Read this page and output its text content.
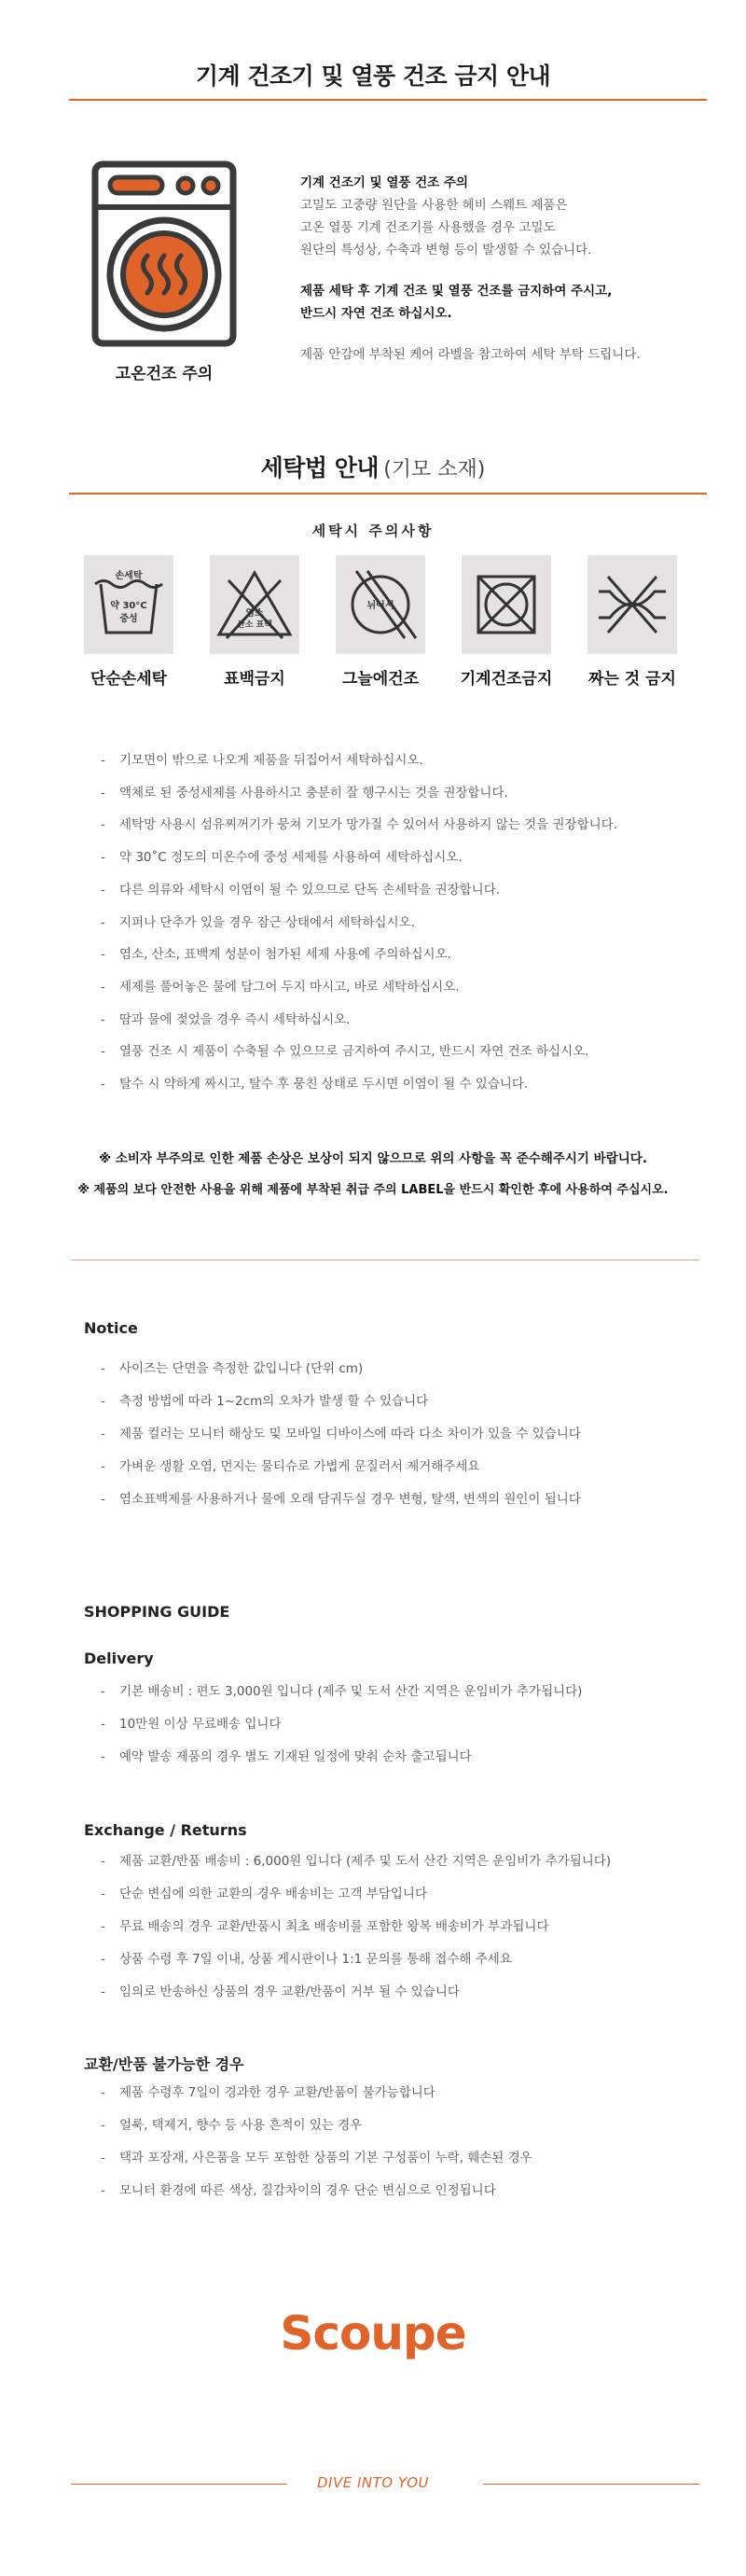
기계 건조기 및 열풍 건조 금지 안내
고온건조 주의
기계 건조기 및 열풍 건조 주의
고밀도 고중량 원단을 사용한 헤비 스웨트 제품은
고온 열풍 기계 건조기를 사용했을 경우 고밀도
원단의 특성상, 수축과 변형 등이 발생할 수 있습니다.
제품 세탁 후 기계 건조 및 열풍 건조를 금지하여 주시고,
반드시 자연 건조 하십시오.
제품 안감에 부착된 케어 라벨을 참고하여 세탁 부탁 드립니다.
세탁법 안내 (기모 소재)
세탁시 주의사항
손세탁
약 30°C
중성
단순손세탁
염소
산소 표백
표백금지
뉘어서
그늘에건조	기계건조금지 짜는 것 금지
- 기모면이 밖으로 나오게 제품을 뒤집어서 세탁하십시오.
- 액체로 된 중성세제를 사용하시고 충분히 잘 헹구시는 것을 권장합니다.
- 세탁망 사용시 섬유찌꺼기가 뭉쳐 기모가 망가질 수 있어서 사용하지 않는 것을 권장합니다.
- 약 30˚C 정도의 미온수에 중성 세제를 사용하여 세탁하십시오.
- 다른 의류와 세탁시 이염이 될 수 있으므로 단독 손세탁을 권장합니다.
- 지퍼나 단추가 있을 경우 잠근 상태에서 세탁하십시오.
- 염소, 산소, 표백계 성분이 첨가된 세제 사용에 주의하십시오.
- 세제를 풀어놓은 물에 담그어 두지 마시고, 바로 세탁하십시오.
- 땀과 물에 젖었을 경우 즉시 세탁하십시오.
- 열풍 건조 시 제품이 수축될 수 있으므로 금지하여 주시고, 반드시 자연 건조 하십시오.
- 탈수 시 약하게 짜시고, 탈수 후 뭉친 상태로 두시면 이염이 될 수 있습니다.
※ 소비자 부주의로 인한 제품 손상은 보상이 되지 않으므로 위의 사항을 꼭 준수해주시기 바랍니다.
※ 제품의 보다 안전한 사용을 위해 제품에 부착된 취급 주의 LABEL을 반드시 확인한 후에 사용하여 주십시오.
Notice
- 사이즈는 단면을 측정한 값입니다 (단위 cm)
- 측정 방법에 따라 1~2cm의 오차가 발생 할 수 있습니다
- 제품 컬러는 모니터 해상도 및 모바일 디바이스에 따라 다소 차이가 있을 수 있습니다
- 가벼운 생활 오염, 먼지는 물티슈로 가볍게 문질러서 제거해주세요
- 염소표백제를 사용하거나 물에 오래 담궈두실 경우 변형, 탈색, 변색의 원인이 됩니다
SHOPPING GUIDE
Delivery
- 기본 배송비 : 편도 3,000원 입니다 (제주 및 도서 산간 지역은 운임비가 추가됩니다)
- 10만원 이상 무료배송 입니다
- 예약 발송 제품의 경우 별도 기재된 일정에 맞춰 순차 출고됩니다
Exchange / Returns
- 제품 교환/반품 배송비 : 6,000원 입니다 (제주 및 도서 산간 지역은 운임비가 추가됩니다)
- 단순 변심에 의한 교환의 경우 배송비는 고객 부담입니다
- 무료 배송의 경우 교환/반품시 최초 배송비를 포함한 왕복 배송비가 부과됩니다
- 상품 수령 후 7일 이내, 상품 게시판이나 1:1 문의를 통해 접수해 주세요
- 임의로 반송하신 상품의 경우 교환/반품이 거부 될 수 있습니다
교환/반품 불가능한 경우
- 제품 수령후 7일이 경과한 경우 교환/반품이 불가능합니다
- 얼룩, 택제거, 향수 등 사용 흔적이 있는 경우
- 택과 포장재, 사은품을 모두 포함한 상품의 기본 구성품이 누락, 훼손된 경우
- 모니터 환경에 따른 색상, 질감차이의 경우 단순 변심으로 인정됩니다
Scoupe
DIVE INTO YOU
